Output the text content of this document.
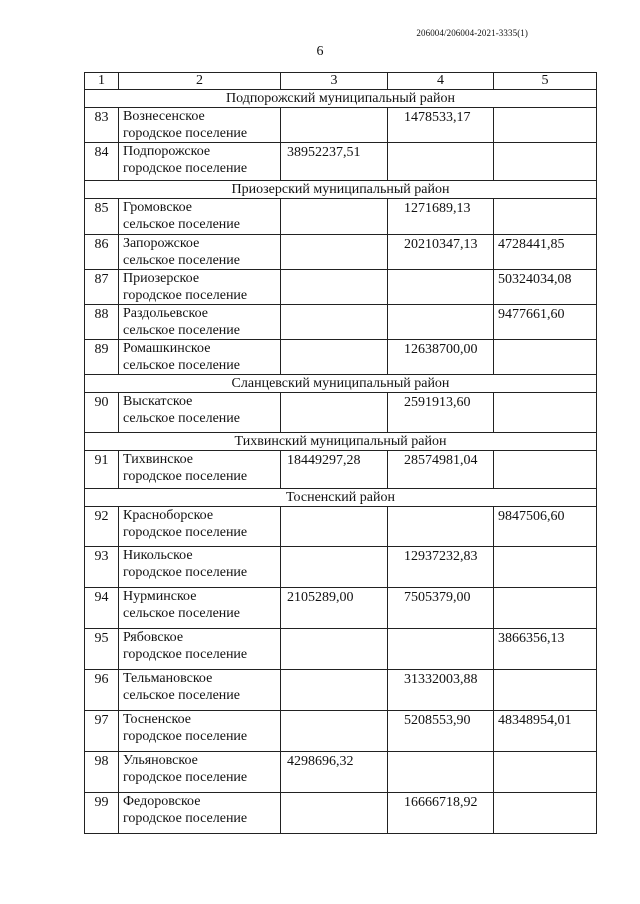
206004/206004-2021-3335(1)
6
1	2	3	4	5
Подпорожский муниципальный район				
83	Вознесенское
городское поселение		1478533,17	
84	Подпорожское
городское поселение	38952237,51		
Приозерский муниципальный район				
85	Громовское
сельское поселение		1271689,13	
86	Запорожское
сельское поселение		20210347,13	4728441,85
87	Приозерское
городское поселение			50324034,08
88	Раздольевское
сельское поселение			9477661,60
89	Ромашкинское
сельское поселение		12638700,00	
Сланцевский муниципальный район				
90	Выскатское
сельское поселение		2591913,60	
Тихвинский муниципальный район				
91	Тихвинское
городское поселение	18449297,28	28574981,04	
Тосненский район				
92	Красноборское
городское поселение			9847506,60
93	Никольское
городское поселение		12937232,83	
94	Нурминское
сельское поселение	2105289,00	7505379,00	
95	Рябовское
городское поселение			3866356,13
96	Тельмановское
сельское поселение		31332003,88	
97	Тосненское
городское поселение		5208553,90	48348954,01
98	Ульяновское
городское поселение	4298696,32		
99	Федоровское
городское поселение		16666718,92	
